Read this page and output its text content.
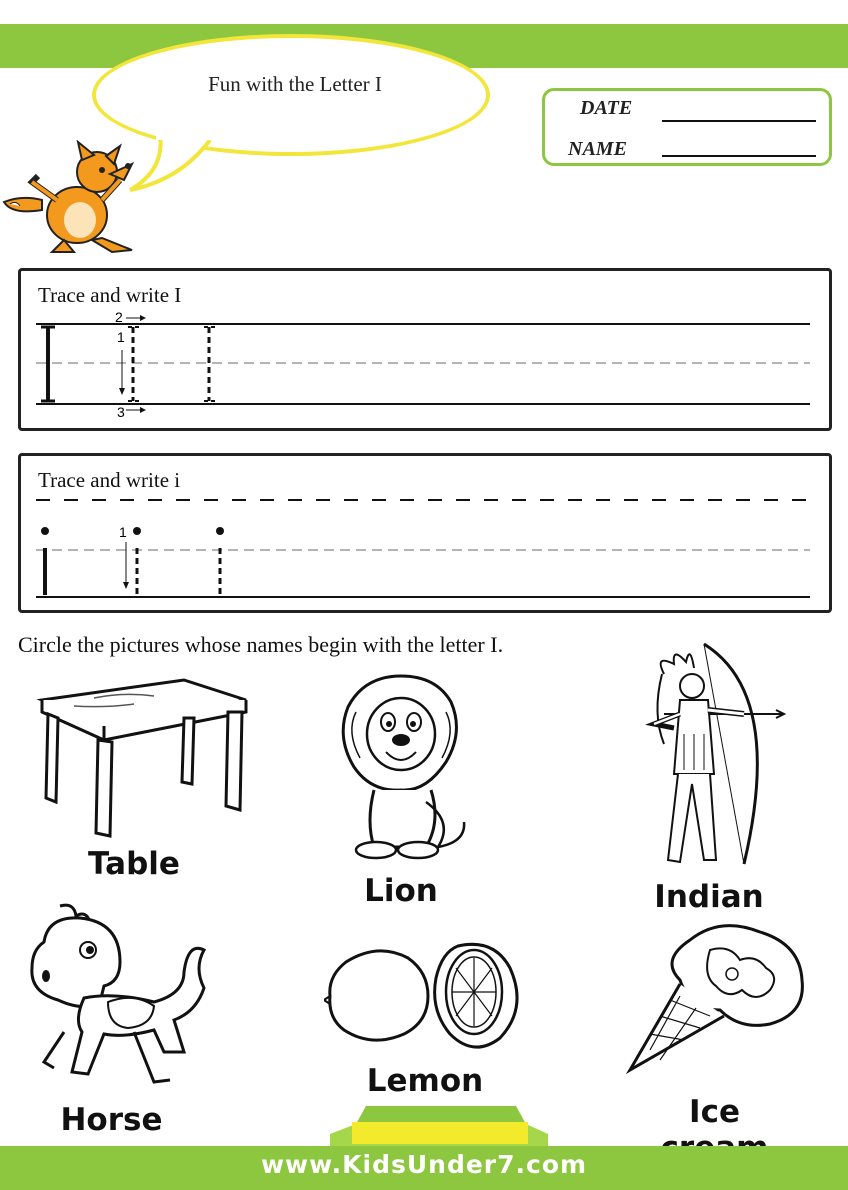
Fun with the Letter I
DATE
NAME
Trace and write I
2
1
3
Trace and write i
1
Circle the pictures whose names begin with the letter I.
Table
Lion	Indian
Horse
Lemon
Ice
www.KidsUnder7.com
